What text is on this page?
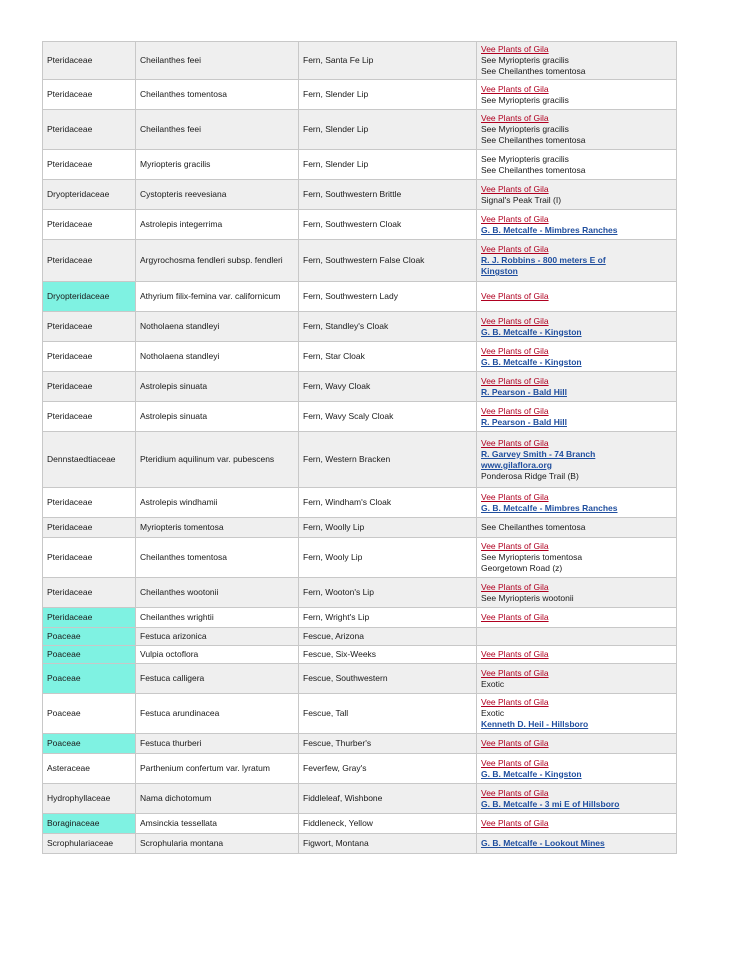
Pteridaceae	Cheilanthes feei	Fern, Santa Fe Lip	Vee Plants of Gila
See Myriopteris gracilis
See Cheilanthes tomentosa

Pteridaceae	Cheilanthes tomentosa	Fern, Slender Lip	Vee Plants of Gila
See Myriopteris gracilis

Pteridaceae	Cheilanthes feei	Fern, Slender Lip	Vee Plants of Gila
See Myriopteris gracilis
See Cheilanthes tomentosa

Pteridaceae	Myriopteris gracilis	Fern, Slender Lip	See Myriopteris gracilis
See Cheilanthes tomentosa

Dryopteridaceae	Cystopteris reevesiana	Fern, Southwestern Brittle	Vee Plants of Gila
Signal's Peak Trail (I)

Pteridaceae	Astrolepis integerrima	Fern, Southwestern Cloak	Vee Plants of Gila
G. B. Metcalfe - Mimbres Ranches

Pteridaceae	Argyrochosma fendleri subsp. fendleri	Fern, Southwestern False Cloak	Vee Plants of Gila
R. J. Robbins - 800 meters E of
Kingston

Dryopteridaceae	Athyrium filix-femina var. californicum	Fern, Southwestern Lady	Vee Plants of Gila

Pteridaceae	Notholaena standleyi	Fern, Standley's Cloak	Vee Plants of Gila
G. B. Metcalfe - Kingston

Pteridaceae	Notholaena standleyi	Fern, Star Cloak	Vee Plants of Gila
G. B. Metcalfe - Kingston

Pteridaceae	Astrolepis sinuata	Fern, Wavy Cloak	Vee Plants of Gila
R. Pearson - Bald Hill

Pteridaceae	Astrolepis sinuata	Fern, Wavy Scaly Cloak	Vee Plants of Gila
R. Pearson - Bald Hill

Dennstaedtiaceae	Pteridium aquilinum var. pubescens	Fern, Western Bracken	Vee Plants of Gila
R. Garvey Smith - 74 Branch
www.gilaflora.org
Ponderosa Ridge Trail (B)

Pteridaceae	Astrolepis windhamii	Fern, Windham's Cloak	Vee Plants of Gila
G. B. Metcalfe - Mimbres Ranches

Pteridaceae	Myriopteris tomentosa	Fern, Woolly Lip	See Cheilanthes tomentosa

Pteridaceae	Cheilanthes tomentosa	Fern, Wooly Lip	Vee Plants of Gila
See Myriopteris tomentosa
Georgetown Road (z)

Pteridaceae	Cheilanthes wootonii	Fern, Wooton's Lip	Vee Plants of Gila
See Myriopteris wootonii

Pteridaceae	Cheilanthes wrightii	Fern, Wright's Lip	Vee Plants of Gila

Poaceae	Festuca arizonica	Fescue, Arizona	
Poaceae	Vulpia octoflora	Fescue, Six-Weeks	Vee Plants of Gila

Poaceae	Festuca calligera	Fescue, Southwestern	Vee Plants of Gila
Exotic

Poaceae	Festuca arundinacea	Fescue, Tall	Vee Plants of Gila
Exotic
Kenneth D. Heil - Hillsboro

Poaceae	Festuca thurberi	Fescue, Thurber's	Vee Plants of Gila

Asteraceae	Parthenium confertum var. lyratum	Feverfew, Gray's	Vee Plants of Gila
G. B. Metcalfe - Kingston

Hydrophyllaceae	Nama dichotomum	Fiddleleaf, Wishbone	Vee Plants of Gila
G. B. Metcalfe - 3 mi E of Hillsboro

Boraginaceae	Amsinckia tessellata	Fiddleneck, Yellow	Vee Plants of Gila

Scrophulariaceae	Scrophularia montana	Figwort, Montana	G. B. Metcalfe - Lookout Mines
